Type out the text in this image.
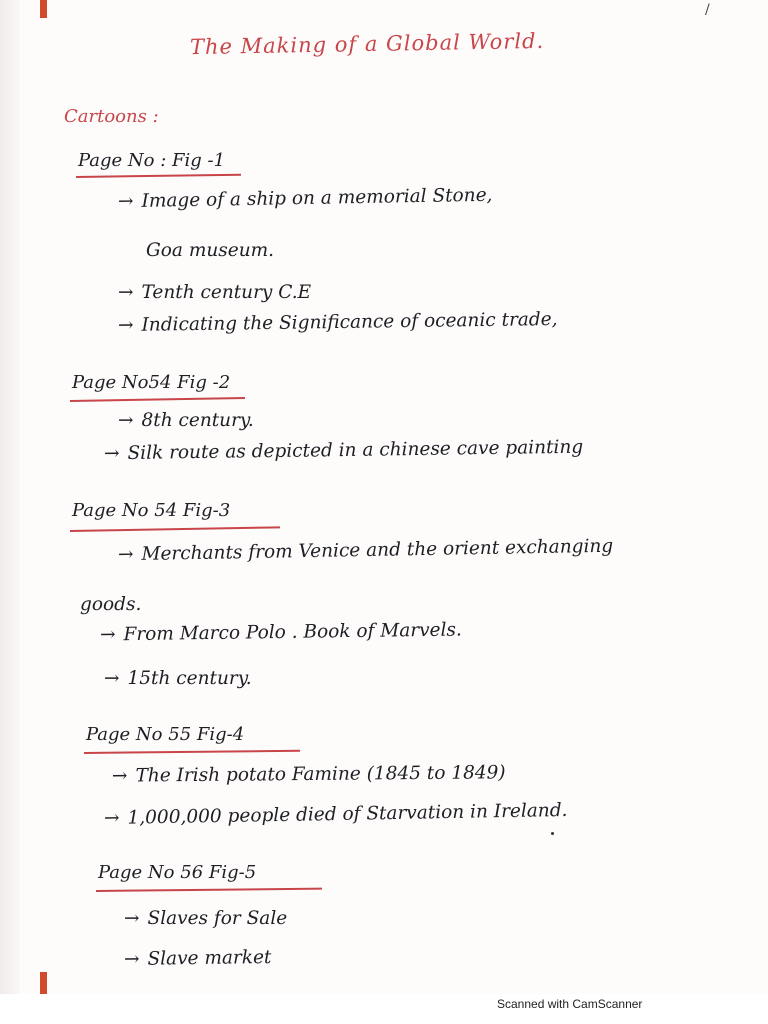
/
The Making of a Global World.
Cartoons :
Page No : Fig -1
→ Image of a ship on a memorial Stone,
Goa museum.
→ Tenth century C.E
→ Indicating the Significance of oceanic trade,
Page No54 Fig -2
→ 8th century.
→ Silk route as depicted in a chinese cave painting
Page No 54 Fig-3
→ Merchants from Venice and the orient exchanging
goods.
→ From Marco Polo . Book of Marvels.
→ 15th century.
Page No 55 Fig-4
→ The Irish potato Famine (1845 to 1849)
→ 1,000,000 people died of Starvation in Ireland.
Page No 56 Fig-5
→ Slaves for Sale
→ Slave market
Scanned with CamScanner
